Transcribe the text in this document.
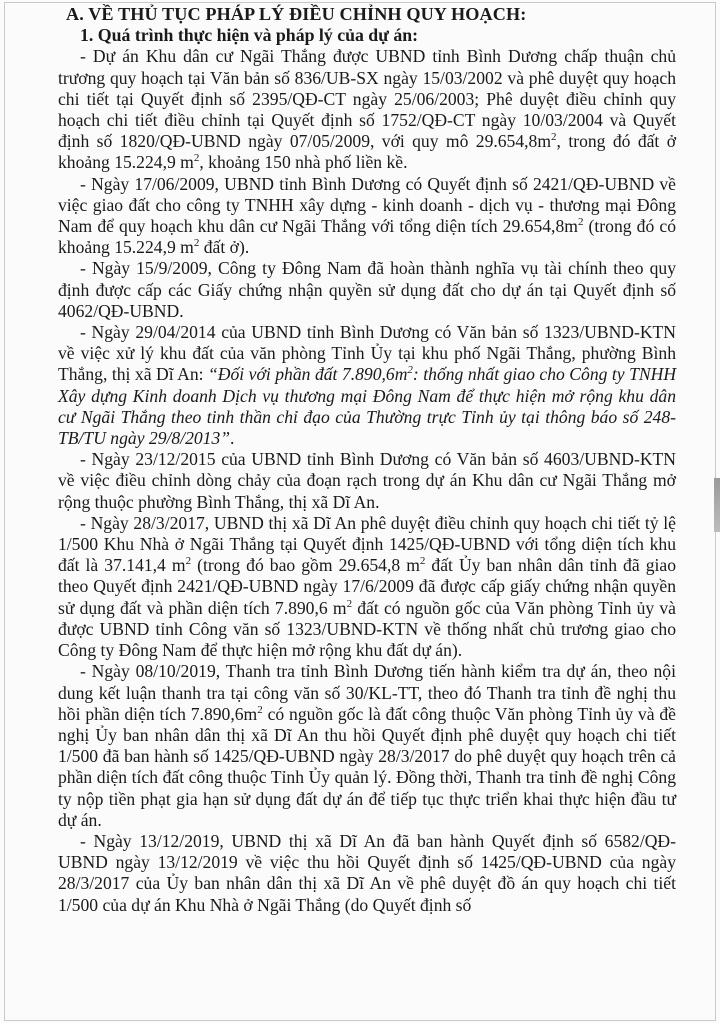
A. VỀ THỦ TỤC PHÁP LÝ ĐIỀU CHỈNH QUY HOẠCH:
1. Quá trình thực hiện và pháp lý của dự án:

- Dự án Khu dân cư Ngãi Thắng được UBND tỉnh Bình Dương chấp thuận chủ trương quy hoạch tại Văn bản số 836/UB-SX ngày 15/03/2002 và phê duyệt quy hoạch chi tiết tại Quyết định số 2395/QĐ-CT ngày 25/06/2003; Phê duyệt điều chỉnh quy hoạch chi tiết điều chỉnh tại Quyết định số 1752/QĐ-CT ngày 10/03/2004 và Quyết định số 1820/QĐ-UBND ngày 07/05/2009, với quy mô $29.654,8m^2$, trong đó đất ở khoảng 15.224,9 $m^2$, khoảng 150 nhà phố liền kề.

- Ngày 17/06/2009, UBND tỉnh Bình Dương có Quyết định số 2421/QĐ-UBND về việc giao đất cho công ty TNHH xây dựng - kinh doanh - dịch vụ - thương mại Đông Nam để quy hoạch khu dân cư Ngãi Thắng với tổng diện tích $29.654,8m^2$ (trong đó có khoảng 15.224,9 $m^2$ đất ở).

- Ngày 15/9/2009, Công ty Đông Nam đã hoàn thành nghĩa vụ tài chính theo quy định được cấp các Giấy chứng nhận quyền sử dụng đất cho dự án tại Quyết định số 4062/QĐ-UBND.

- Ngày 29/04/2014 của UBND tỉnh Bình Dương có Văn bản số 1323/UBND-KTN về việc xử lý khu đất của văn phòng Tỉnh Ủy tại khu phố Ngãi Thắng, phường Bình Thắng, thị xã Dĩ An: “Đối với phần đất $7.890,6m^2$: thống nhất giao cho Công ty TNHH Xây dựng Kinh doanh Dịch vụ thương mại Đông Nam để thực hiện mở rộng khu dân cư Ngãi Thắng theo tinh thần chỉ đạo của Thường trực Tỉnh ủy tại thông báo số 248-TB/TU ngày 29/8/2013”.

- Ngày 23/12/2015 của UBND tỉnh Bình Dương có Văn bản số 4603/UBND-KTN về việc điều chỉnh dòng chảy của đoạn rạch trong dự án Khu dân cư Ngãi Thắng mở rộng thuộc phường Bình Thắng, thị xã Dĩ An.

- Ngày 28/3/2017, UBND thị xã Dĩ An phê duyệt điều chỉnh quy hoạch chi tiết tỷ lệ 1/500 Khu Nhà ở Ngãi Thắng tại Quyết định 1425/QĐ-UBND với tổng diện tích khu đất là 37.141,4 $m^2$ (trong đó bao gồm 29.654,8 $m^2$ đất Ủy ban nhân dân tỉnh đã giao theo Quyết định 2421/QĐ-UBND ngày 17/6/2009 đã được cấp giấy chứng nhận quyền sử dụng đất và phần diện tích 7.890,6 $m^2$ đất có nguồn gốc của Văn phòng Tỉnh ủy và được UBND tỉnh Công văn số 1323/UBND-KTN về thống nhất chủ trương giao cho Công ty Đông Nam để thực hiện mở rộng khu đất dự án).

- Ngày 08/10/2019, Thanh tra tỉnh Bình Dương tiến hành kiểm tra dự án, theo nội dung kết luận thanh tra tại công văn số 30/KL-TT, theo đó Thanh tra tỉnh đề nghị thu hồi phần diện tích $7.890,6m^2$ có nguồn gốc là đất công thuộc Văn phòng Tỉnh ủy và đề nghị Ủy ban nhân dân thị xã Dĩ An thu hồi Quyết định phê duyệt quy hoạch chi tiết 1/500 đã ban hành số 1425/QĐ-UBND ngày 28/3/2017 do phê duyệt quy hoạch trên cả phần diện tích đất công thuộc Tỉnh Ủy quản lý. Đồng thời, Thanh tra tỉnh đề nghị Công ty nộp tiền phạt gia hạn sử dụng đất dự án để tiếp tục thực triển khai thực hiện đầu tư dự án.

- Ngày 13/12/2019, UBND thị xã Dĩ An đã ban hành Quyết định số 6582/QĐ-UBND ngày 13/12/2019 về việc thu hồi Quyết định số 1425/QĐ-UBND của ngày 28/3/2017 của Ủy ban nhân dân thị xã Dĩ An về phê duyệt đồ án quy hoạch chi tiết 1/500 của dự án Khu Nhà ở Ngãi Thắng (do Quyết định số
